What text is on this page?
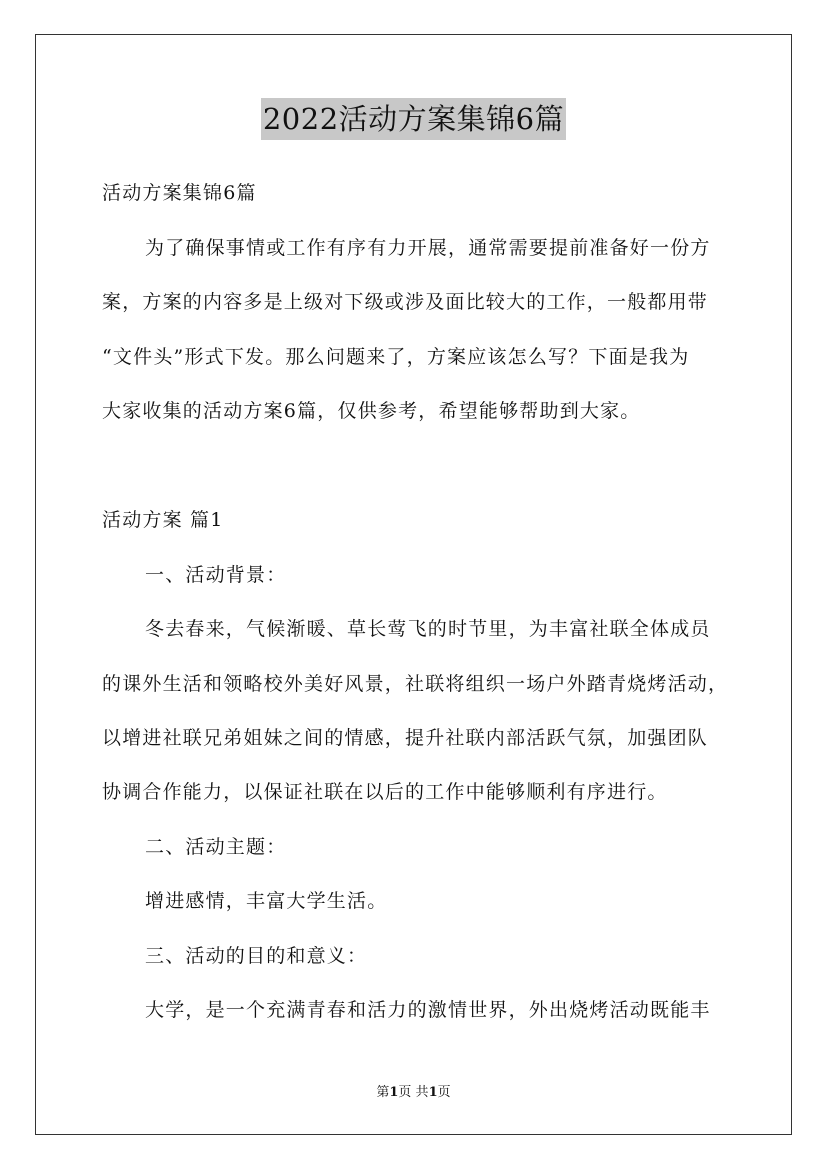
2022活动方案集锦6篇
活动方案集锦6篇
为了确保事情或工作有序有力开展，通常需要提前准备好一份方
案，方案的内容多是上级对下级或涉及面比较大的工作，一般都用带
“文件头”形式下发。那么问题来了，方案应该怎么写？下面是我为
大家收集的活动方案6篇，仅供参考，希望能够帮助到大家。
活动方案 篇1
一、活动背景：
冬去春来，气候渐暖、草长莺飞的时节里，为丰富社联全体成员
的课外生活和领略校外美好风景，社联将组织一场户外踏青烧烤活动，
以增进社联兄弟姐妹之间的情感，提升社联内部活跃气氛，加强团队
协调合作能力，以保证社联在以后的工作中能够顺利有序进行。
二、活动主题：
增进感情，丰富大学生活。
三、活动的目的和意义：
大学，是一个充满青春和活力的激情世界，外出烧烤活动既能丰
第1页 共1页
